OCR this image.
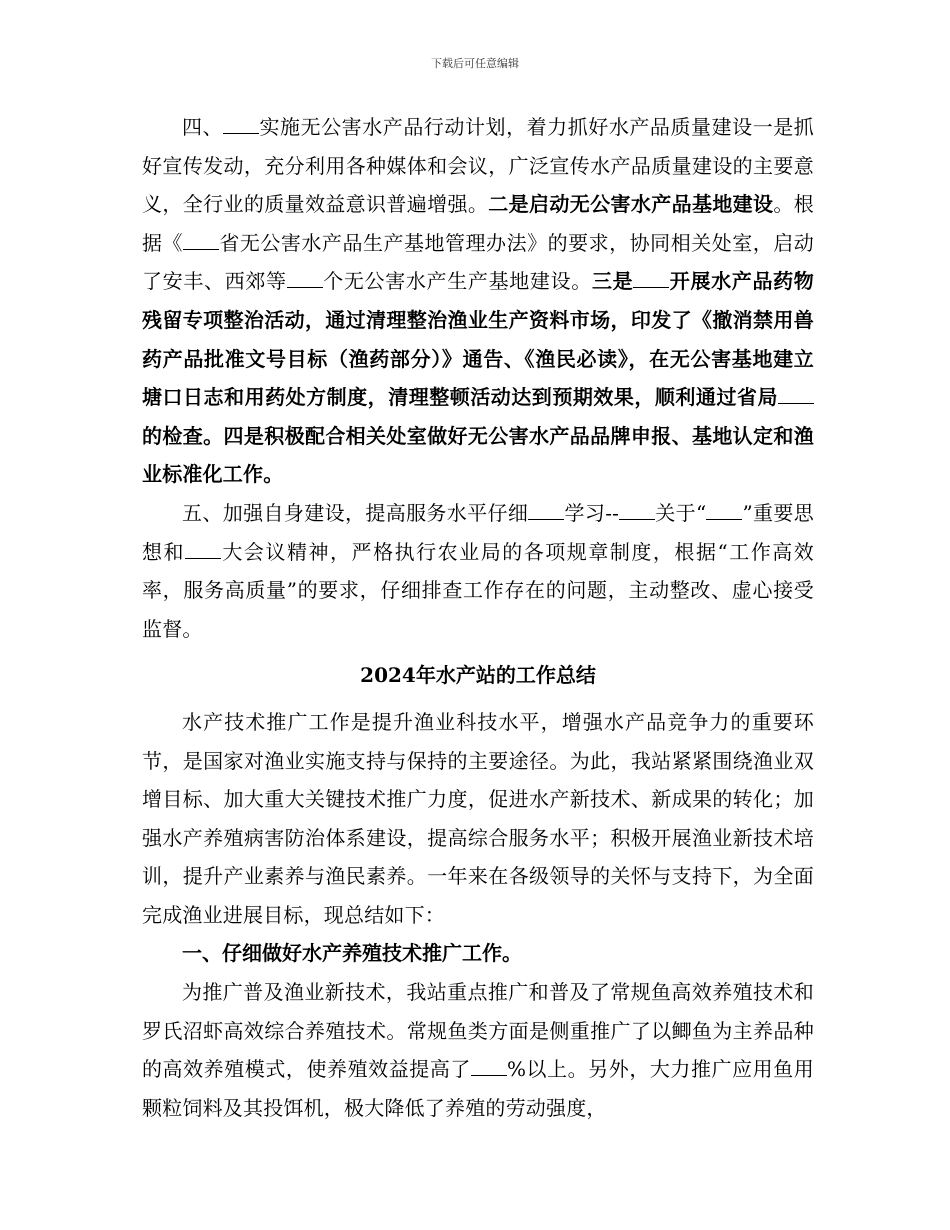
下载后可任意编辑

四、 实施无公害水产品行动计划，着力抓好水产品质量建设一是抓好宣传发动，充分利用各种媒体和会议，广泛宣传水产品质量建设的主要意义，全行业的质量效益意识普遍增强。二是启动无公害水产品基地建设。根据《 省无公害水产品生产基地管理办法》的要求，协同相关处室，启动了安丰、西郊等 个无公害水产生产基地建设。三是 开展水产品药物残留专项整治活动，通过清理整治渔业生产资料市场，印发了《撤消禁用兽药产品批准文号目标（渔药部分）》通告、《渔民必读》，在无公害基地建立塘口日志和用药处方制度，清理整顿活动达到预期效果，顺利通过省局的检查。四是积极配合相关处室做好无公害水产品品牌申报、基地认定和渔业标准化工作。

五、加强自身建设，提高服务水平仔细 学习-- 关于“ ”重要思想和 大会议精神，严格执行农业局的各项规章制度，根据“工作高效率，服务高质量”的要求，仔细排查工作存在的问题，主动整改、虚心接受监督。

2024年水产站的工作总结

水产技术推广工作是提升渔业科技水平，增强水产品竞争力的重要环节，是国家对渔业实施支持与保持的主要途径。为此，我站紧紧围绕渔业双增目标、加大重大关键技术推广力度，促进水产新技术、新成果的转化；加强水产养殖病害防治体系建设，提高综合服务水平；积极开展渔业新技术培训，提升产业素养与渔民素养。一年来在各级领导的关怀与支持下，为全面完成渔业进展目标，现总结如下：

一、仔细做好水产养殖技术推广工作。

为推广普及渔业新技术，我站重点推广和普及了常规鱼高效养殖技术和罗氏沼虾高效综合养殖技术。常规鱼类方面是侧重推广了以鲫鱼为主养品种的高效养殖模式，使养殖效益提高了 %以上。另外，大力推广应用鱼用颗粒饲料及其投饵机，极大降低了养殖的劳动强度，
